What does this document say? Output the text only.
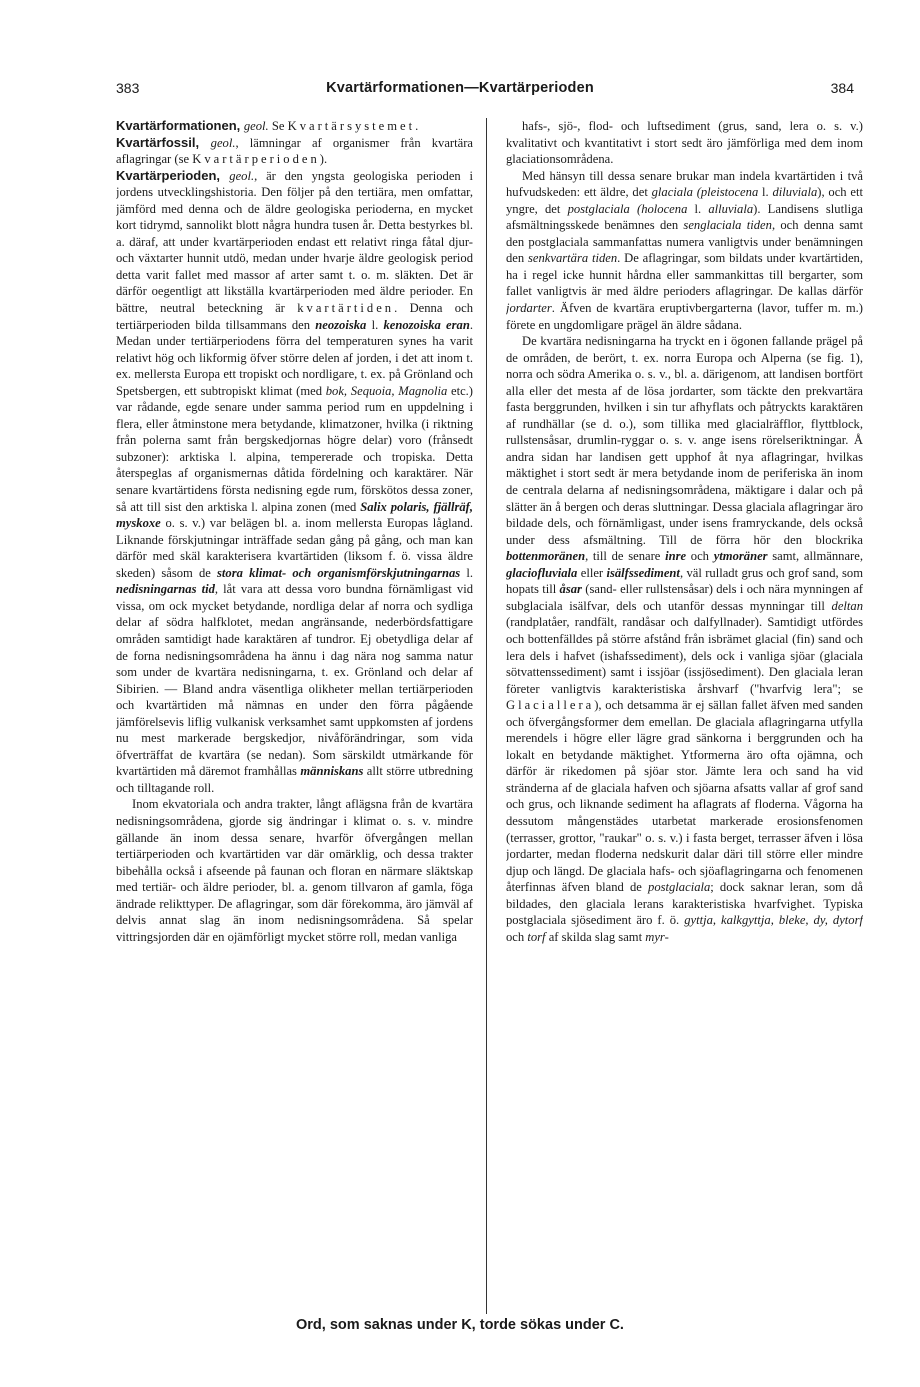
383	Kvartärformationen—Kvartärperioden	384

Kvartärformationen, geol. Se Kvartärsystemet.

Kvartärfossil, geol., lämningar af organismer från kvartära aflagringar (se Kvartärperioden).

Kvartärperioden, geol., är den yngsta geologiska perioden i jordens utvecklingshistoria. Den följer på den tertiära, men omfattar, jämförd med denna och de äldre geologiska perioderna, en mycket kort tidrymd, sannolikt blott några hundra tusen år. Detta bestyrkes bl. a. däraf, att under kvartärperioden endast ett relativt ringa fåtal djur- och växtarter hunnit utdö, medan under hvarje äldre geologisk period detta varit fallet med massor af arter samt t. o. m. släkten. Det är därför oegentligt att likställa kvartärperioden med äldre perioder. En bättre, neutral beteckning är kvartärtiden. Denna och tertiärperioden bilda tillsammans den neozoiska l. kenozoiska eran. Medan under tertiärperiodens förra del temperaturen synes ha varit relativt hög och likformig öfver större delen af jorden, i det att inom t. ex. mellersta Europa ett tropiskt och nordligare, t. ex. på Grönland och Spetsbergen, ett subtropiskt klimat (med bok, Sequoia, Magnolia etc.) var rådande, egde senare under samma period rum en uppdelning i flera, eller åtminstone mera betydande, klimatzoner, hvilka (i riktning från polerna samt från bergskedjornas högre delar) voro (frånsedt subzoner): arktiska l. alpina, tempererade och tropiska. Detta återspeglas af organismernas dåtida fördelning och karaktärer. När senare kvartärtidens första nedisning egde rum, förskötos dessa zoner, så att till sist den arktiska l. alpina zonen (med Salix polaris, fjällräf, myskoxe o. s. v.) var belägen bl. a. inom mellersta Europas lågland. Liknande förskjutningar inträffade sedan gång på gång, och man kan därför med skäl karakterisera kvartärtiden (liksom f. ö. vissa äldre skeden) såsom de stora klimat- och organismförskjutningarnas l. nedisningarnas tid, låt vara att dessa voro bundna förnämligast vid vissa, om ock mycket betydande, nordliga delar af norra och sydliga delar af södra halfklotet, medan angränsande, nederbördsfattigare områden samtidigt hade karaktären af tundror. Ej obetydliga delar af de forna nedisningsområdena ha ännu i dag nära nog samma natur som under de kvartära nedisningarna, t. ex. Grönland och delar af Sibirien. — Bland andra väsentliga olikheter mellan tertiärperioden och kvartärtiden må nämnas en under den förra pågående jämförelsevis liflig vulkanisk verksamhet samt uppkomsten af jordens nu mest markerade bergskedjor, nivåförändringar, som vida öfverträffat de kvartära (se nedan). Som särskildt utmärkande för kvartärtiden må däremot framhållas människans allt större utbredning och tilltagande roll.

Inom ekvatoriala och andra trakter, långt aflägsna från de kvartära nedisningsområdena, gjorde sig ändringar i klimat o. s. v. mindre gällande än inom dessa senare, hvarför öfvergången mellan tertiärperioden och kvartärtiden var där omärklig, och dessa trakter bibehålla också i afseende på faunan och floran en närmare släktskap med tertiär- och äldre perioder, bl. a. genom tillvaron af gamla, föga ändrade relikttyper. De aflagringar, som där förekomma, äro jämväl af delvis annat slag än inom nedisningsområdena. Så spelar vittringsjorden där en ojämförligt mycket större roll, medan vanliga

hafs-, sjö-, flod- och luftsediment (grus, sand, lera o. s. v.) kvalitativt och kvantitativt i stort sedt äro jämförliga med dem inom glaciationsområdena.

Med hänsyn till dessa senare brukar man indela kvartärtiden i två hufvudskeden: ett äldre, det glaciala (pleistocena l. diluviala), och ett yngre, det postglaciala (holocena l. alluviala). Landisens slutliga afsmältningsskede benämnes den senglaciala tiden, och denna samt den postglaciala sammanfattas numera vanligtvis under benämningen den senkvartära tiden. De aflagringar, som bildats under kvartärtiden, ha i regel icke hunnit hårdna eller sammankittas till bergarter, som fallet vanligtvis är med äldre perioders aflagringar. De kallas därför jordarter. Äfven de kvartära eruptivbergarterna (lavor, tuffer m. m.) förete en ungdomligare prägel än äldre sådana.

De kvartära nedisningarna ha tryckt en i ögonen fallande prägel på de områden, de berört, t. ex. norra Europa och Alperna (se fig. 1), norra och södra Amerika o. s. v., bl. a. därigenom, att landisen bortfört alla eller det mesta af de lösa jordarter, som täckte den prekvartära fasta berggrunden, hvilken i sin tur afhyflats och påtryckts karaktären af rundhällar (se d. o.), som tillika med glacialräfflor, flyttblock, rullstensåsar, drumlin-ryggar o. s. v. ange isens rörelseriktningar. Å andra sidan har landisen gett upphof åt nya aflagringar, hvilkas mäktighet i stort sedt är mera betydande inom de periferiska än inom de centrala delarna af nedisningsområdena, mäktigare i dalar och på slätter än å bergen och deras sluttningar. Dessa glaciala aflagringar äro bildade dels, och förnämligast, under isens framryckande, dels också under dess afsmältning. Till de förra hör den blockrika bottenmoränen, till de senare inre och ytmoräner samt, allmännare, glaciofluviala eller isälfssediment, väl rulladt grus och grof sand, som hopats till åsar (sand- eller rullstensåsar) dels i och nära mynningen af subglaciala isälfvar, dels och utanför dessas mynningar till deltan (randplatåer, randfält, randåsar och dalfyllnader). Samtidigt utfördes och bottenfälldes på större afstånd från isbrämet glacial (fin) sand och lera dels i hafvet (ishafssediment), dels ock i vanliga sjöar (glaciala sötvattenssediment) samt i issjöar (issjösediment). Den glaciala leran företer vanligtvis karakteristiska årshvarf ("hvarfvig lera"; se Glaciallera), och detsamma är ej sällan fallet äfven med sanden och öfvergångsformer dem emellan. De glaciala aflagringarna utfylla merendels i högre eller lägre grad sänkorna i berggrunden och ha lokalt en betydande mäktighet. Ytformerna äro ofta ojämna, och därför är rikedomen på sjöar stor. Jämte lera och sand ha vid stränderna af de glaciala hafven och sjöarna afsatts vallar af grof sand och grus, och liknande sediment ha aflagrats af floderna. Vågorna ha dessutom mångenstädes utarbetat markerade erosionsfenomen (terrasser, grottor, "raukar" o. s. v.) i fasta berget, terrasser äfven i lösa jordarter, medan floderna nedskurit dalar däri till större eller mindre djup och längd. De glaciala hafs- och sjöaflagringarna och fenomenen återfinnas äfven bland de postglaciala; dock saknar leran, som då bildades, den glaciala lerans karakteristiska hvarfvighet. Typiska postglaciala sjösediment äro f. ö. gyttja, kalkgyttja, bleke, dy, dytorf och torf af skilda slag samt myr-

Ord, som saknas under K, torde sökas under C.
